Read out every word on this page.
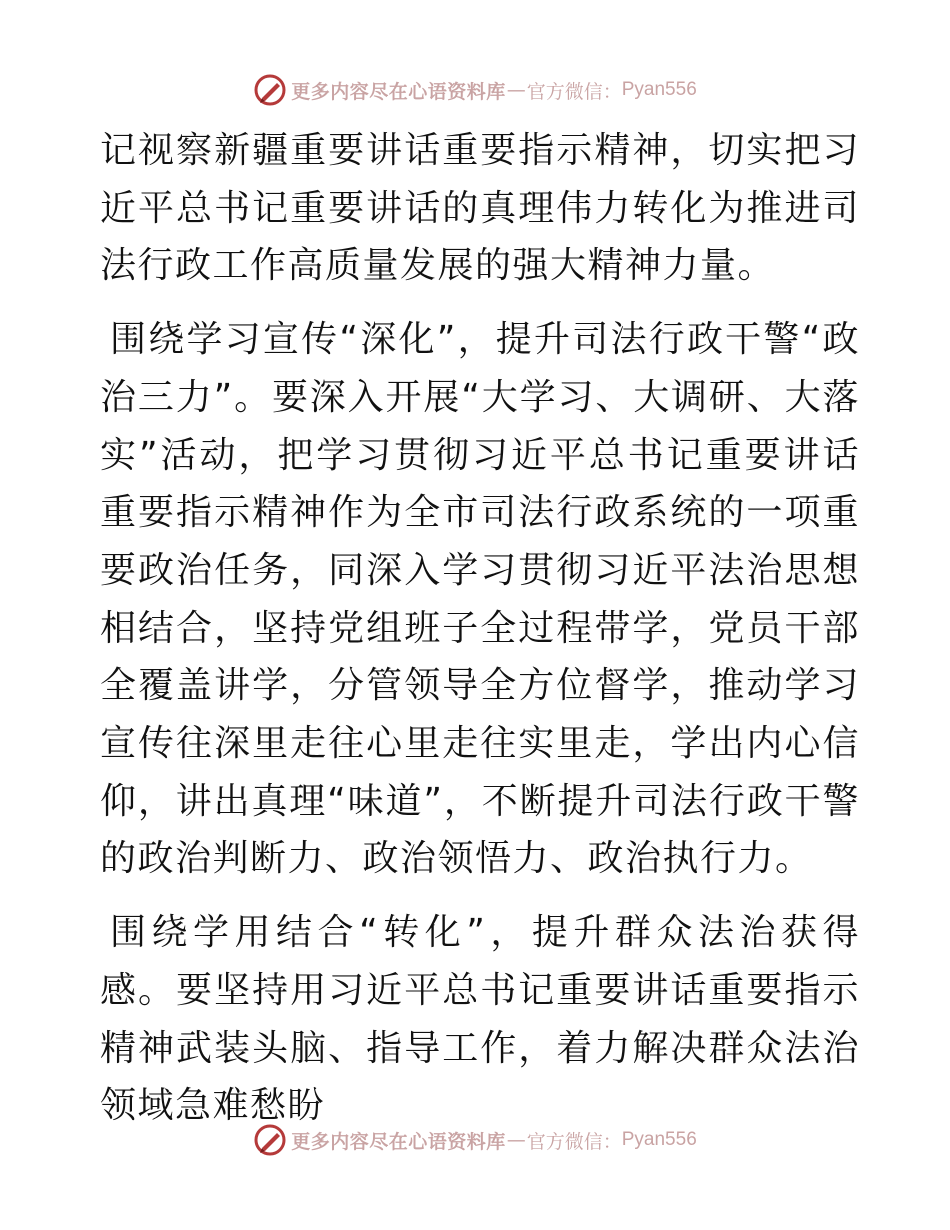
更多内容尽在心语资料库 — 官方微信： Pyan556

记视察新疆重要讲话重要指示精神，切实把习近平总书记重要讲话的真理伟力转化为推进司法行政工作高质量发展的强大精神力量。

围绕学习宣传“深化”，提升司法行政干警“政治三力”。要深入开展“大学习、大调研、大落实”活动，把学习贯彻习近平总书记重要讲话重要指示精神作为全市司法行政系统的一项重要政治任务，同深入学习贯彻习近平法治思想相结合，坚持党组班子全过程带学，党员干部全覆盖讲学，分管领导全方位督学，推动学习宣传往深里走往心里走往实里走，学出内心信仰，讲出真理“味道”，不断提升司法行政干警的政治判断力、政治领悟力、政治执行力。

围绕学用结合“转化”，提升群众法治获得感。要坚持用习近平总书记重要讲话重要指示精神武装头脑、指导工作，着力解决群众法治领域急难愁盼

更多内容尽在心语资料库 — 官方微信： Pyan556
